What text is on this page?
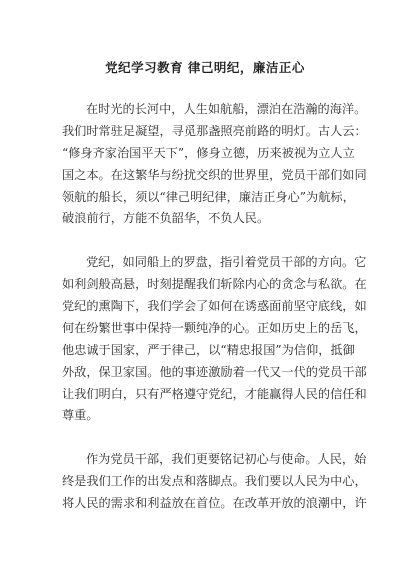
党纪学习教育 律己明纪，廉洁正心
在时光的长河中，人生如航船，漂泊在浩瀚的海洋。
我们时常驻足凝望，寻觅那盏照亮前路的明灯。古人云：
“修身齐家治国平天下”，修身立德，历来被视为立人立
国之本。在这繁华与纷扰交织的世界里，党员干部们如同
领航的船长，须以“律己明纪律，廉洁正身心”为航标，
破浪前行，方能不负韶华，不负人民。
党纪，如同船上的罗盘，指引着党员干部的方向。它
如利剑般高悬，时刻提醒我们斩除内心的贪念与私欲。在
党纪的熏陶下，我们学会了如何在诱惑面前坚守底线，如
何在纷繁世事中保持一颗纯净的心。正如历史上的岳飞，
他忠诚于国家，严于律己，以“精忠报国”为信仰，抵御
外敌，保卫家国。他的事迹激励着一代又一代的党员干部
让我们明白，只有严格遵守党纪，才能赢得人民的信任和
尊重。
作为党员干部，我们更要铭记初心与使命。人民，始
终是我们工作的出发点和落脚点。我们要以人民为中心，
将人民的需求和利益放在首位。在改革开放的浪潮中，许
